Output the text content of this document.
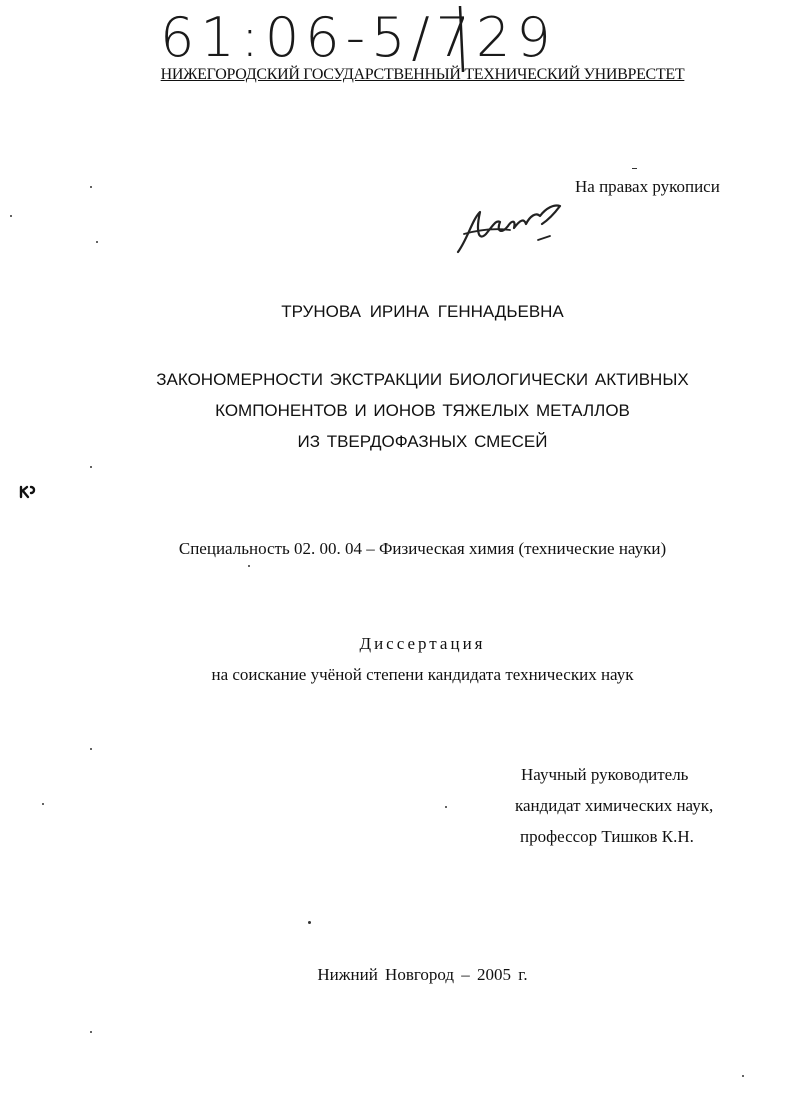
61:06-5/729

НИЖЕГОРОДСКИЙ ГОСУДАРСТВЕННЫЙ ТЕХНИЧЕСКИЙ УНИВРЕСТЕТ

На правах рукописи

ТРУНОВА ИРИНА ГЕННАДЬЕВНА

ЗАКОНОМЕРНОСТИ ЭКСТРАКЦИИ БИОЛОГИЧЕСКИ АКТИВНЫХ
КОМПОНЕНТОВ И ИОНОВ ТЯЖЕЛЫХ МЕТАЛЛОВ
ИЗ ТВЕРДОФАЗНЫХ СМЕСЕЙ

Специальность 02. 00. 04 – Физическая химия (технические науки)

Диссертация

на соискание учёной степени кандидата технических наук

Научный руководитель
кандидат химических наук,
профессор Тишков К.Н.

Нижний Новгород – 2005 г.
